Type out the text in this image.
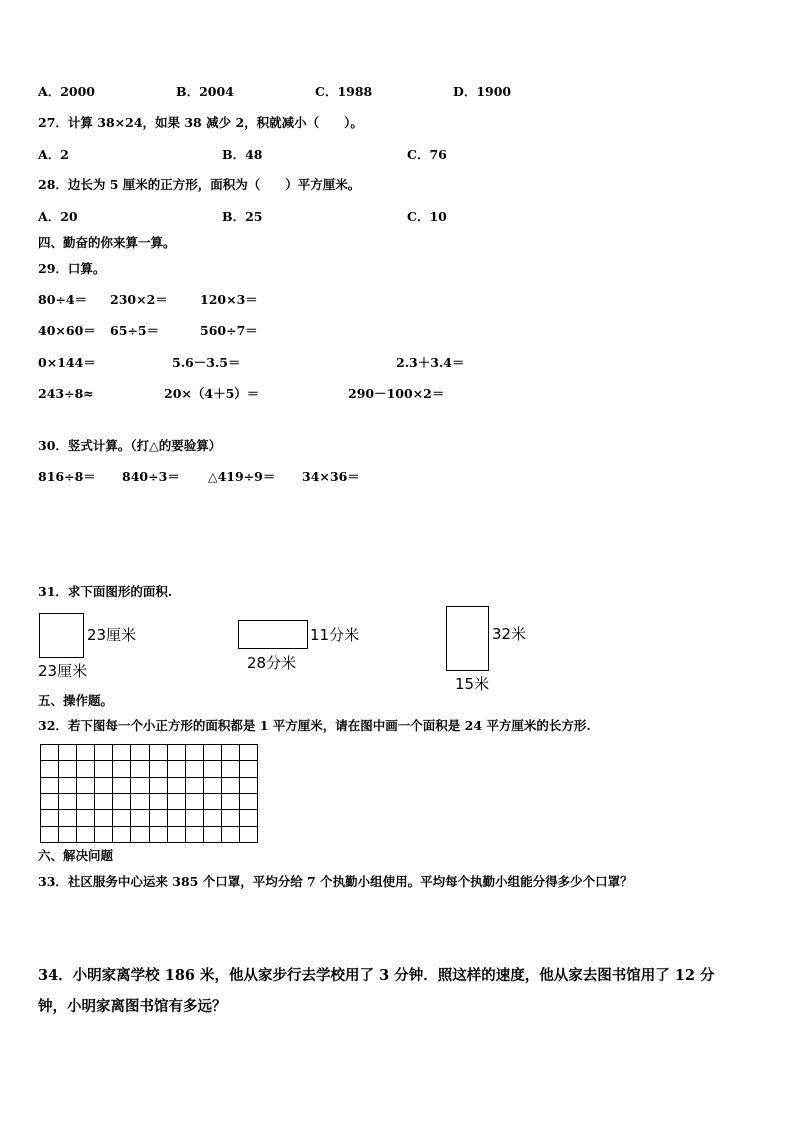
A．2000	B．2004	C．1988	D．1900
27．计算 38×24，如果 38 减少 2，积就减小（　　）。
A．2	B．48	C．76
28．边长为 5 厘米的正方形，面积为（　　）平方厘米。
A．20	B．25	C．10
四、勤奋的你来算一算。
29．口算。
80÷4＝ 230×2＝	120×3＝
40×60＝ 65÷5＝	560÷7＝
0×144＝	5.6－3.5＝	2.3＋3.4＝
243÷8≈	20×（4＋5）＝	290－100×2＝
30．竖式计算。（打△的要验算）
816÷8＝ 840÷3＝ △419÷9＝ 34×36＝
31．求下面图形的面积.
23厘米
23厘米
11分米
28分米
32米
15米
五、操作题。
32．若下图每一个小正方形的面积都是 1 平方厘米，请在图中画一个面积是 24 平方厘米的长方形.
六、解决问题
33．社区服务中心运来 385 个口罩，平均分给 7 个执勤小组使用。平均每个执勤小组能分得多少个口罩？
34．小明家离学校 186 米，他从家步行去学校用了 3 分钟．照这样的速度，他从家去图书馆用了 12 分
钟，小明家离图书馆有多远？
